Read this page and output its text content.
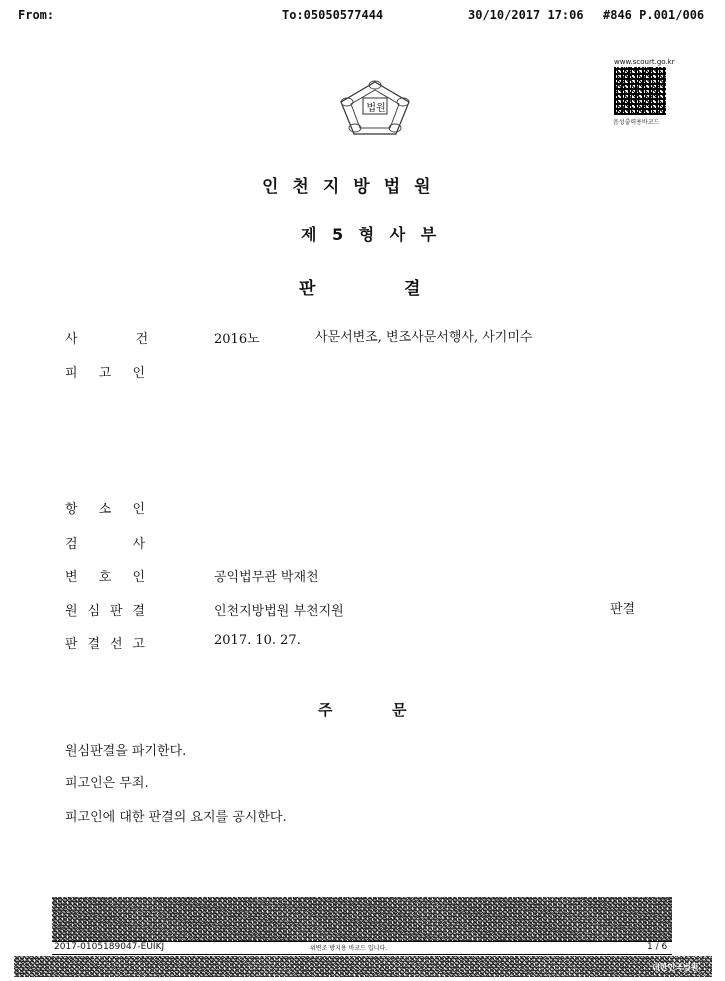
From:	To:05050577444	30/10/2017 17:06 #846 P.001/006
www.scourt.go.kr
음성출력용바코드
법원
인천지방법원
제 5 형 사 부
판	결
사	건	2016노	사문서변조, 변조사문서행사, 사기미수
피 고 인
항 소 인
검	사
변 호 인	공익법무관 박재천
원 심 판 결	인천지방법원 부천지원	판결
판 결 선 고	2017. 10. 27.
주	문
원심판결을 파기한다.
피고인은 무죄.
피고인에 대한 판결의 요지를 공시한다.
2017-0105189047-EUIKJ	위변조 방지용 바코드 입니다.	1 / 6
대한민국법원
